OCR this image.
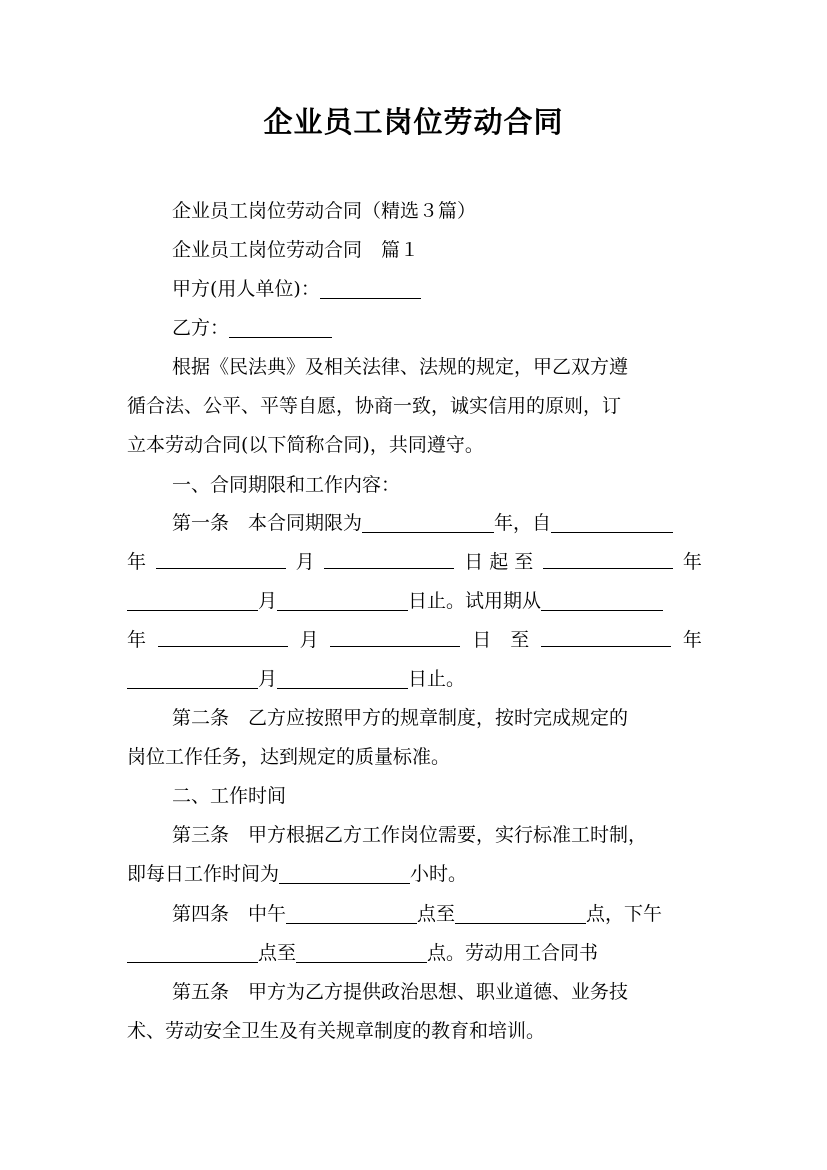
企业员工岗位劳动合同
企业员工岗位劳动合同（精选３篇）
企业员工岗位劳动合同　篇１
甲方(用人单位)：
乙方：
根据《民法典》及相关法律、法规的规定，甲乙双方遵
循合法、公平、平等自愿，协商一致，诚实信用的原则，订
立本劳动合同(以下简称合同)，共同遵守。
一、合同期限和工作内容：
第一条　本合同期限为	年，自
年	月	日 起 至	年
月	日止。试用期从
年	月	日　至	年
月	日止。
第二条　乙方应按照甲方的规章制度，按时完成规定的
岗位工作任务，达到规定的质量标准。
二、工作时间
第三条　甲方根据乙方工作岗位需要，实行标准工时制，
即每日工作时间为	小时。
第四条　中午	点至	点，下午
点至	点。劳动用工合同书
第五条　甲方为乙方提供政治思想、职业道德、业务技
术、劳动安全卫生及有关规章制度的教育和培训。
